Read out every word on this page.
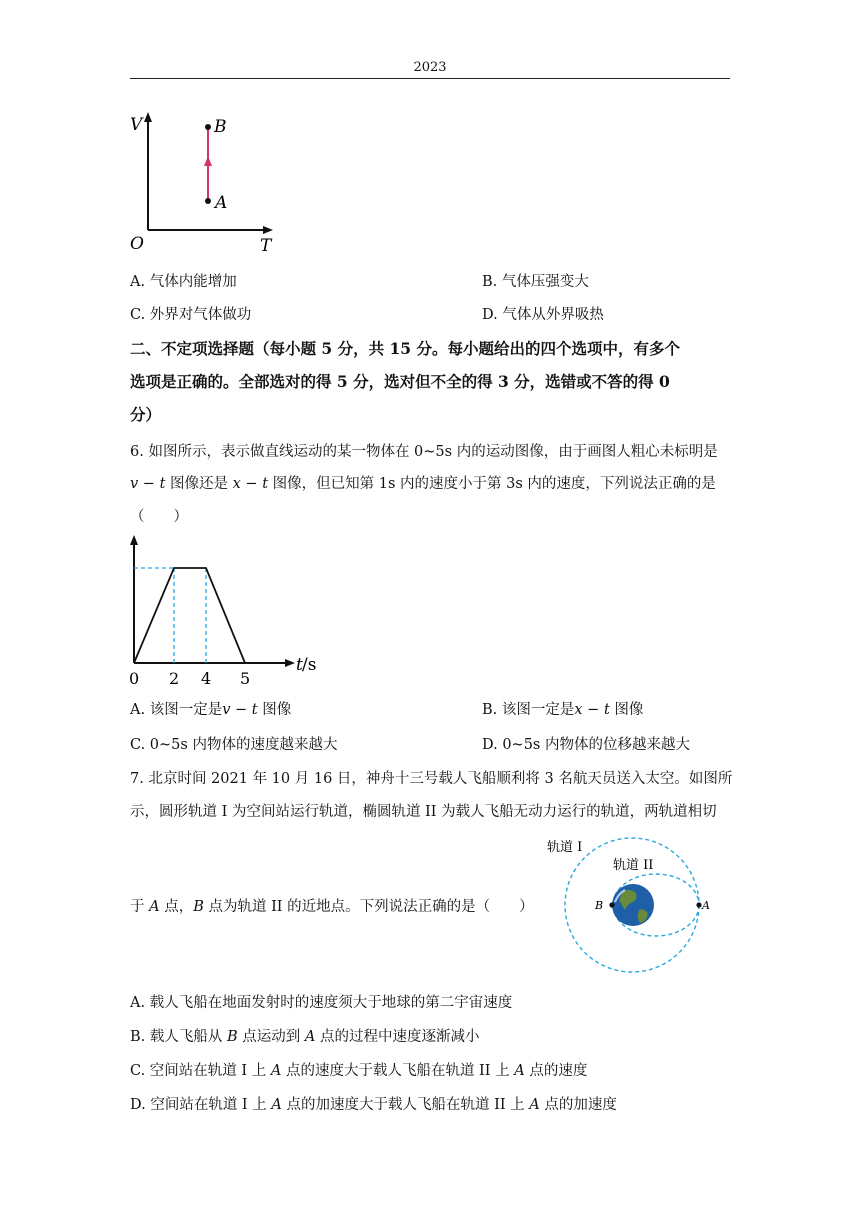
2023
V
T
O
A
B
A. 气体内能增加	B. 气体压强变大
C. 外界对气体做功	D. 气体从外界吸热
二、不定项选择题（每小题 5 分，共 15 分。每小题给出的四个选项中，有多个
选项是正确的。全部选对的得 5 分，选对但不全的得 3 分，选错或不答的得 0
分）
6. 如图所示，表示做直线运动的某一物体在 0~5s 内的运动图像，由于画图人粗心未标明是
v − t 图像还是 x − t 图像，但已知第 1s 内的速度小于第 3s 内的速度，下列说法正确的是
（　　）
0 2 4 5
t /s
A. 该图一定是v − t 图像	B. 该图一定是x − t 图像
C. 0~5s 内物体的速度越来越大	D. 0~5s 内物体的位移越来越大
7. 北京时间 2021 年 10 月 16 日，神舟十三号载人飞船顺利将 3 名航天员送入太空。如图所
示，圆形轨道 I 为空间站运行轨道，椭圆轨道 II 为载人飞船无动力运行的轨道，两轨道相切
于 A 点，B 点为轨道 II 的近地点。下列说法正确的是（　　）	B	A
轨道 I
轨道 II
A. 载人飞船在地面发射时的速度须大于地球的第二宇宙速度
B. 载人飞船从 B 点运动到 A 点的过程中速度逐渐减小
C. 空间站在轨道 I 上 A 点的速度大于载人飞船在轨道 II 上 A 点的速度
D. 空间站在轨道 I 上 A 点的加速度大于载人飞船在轨道 II 上 A 点的加速度
